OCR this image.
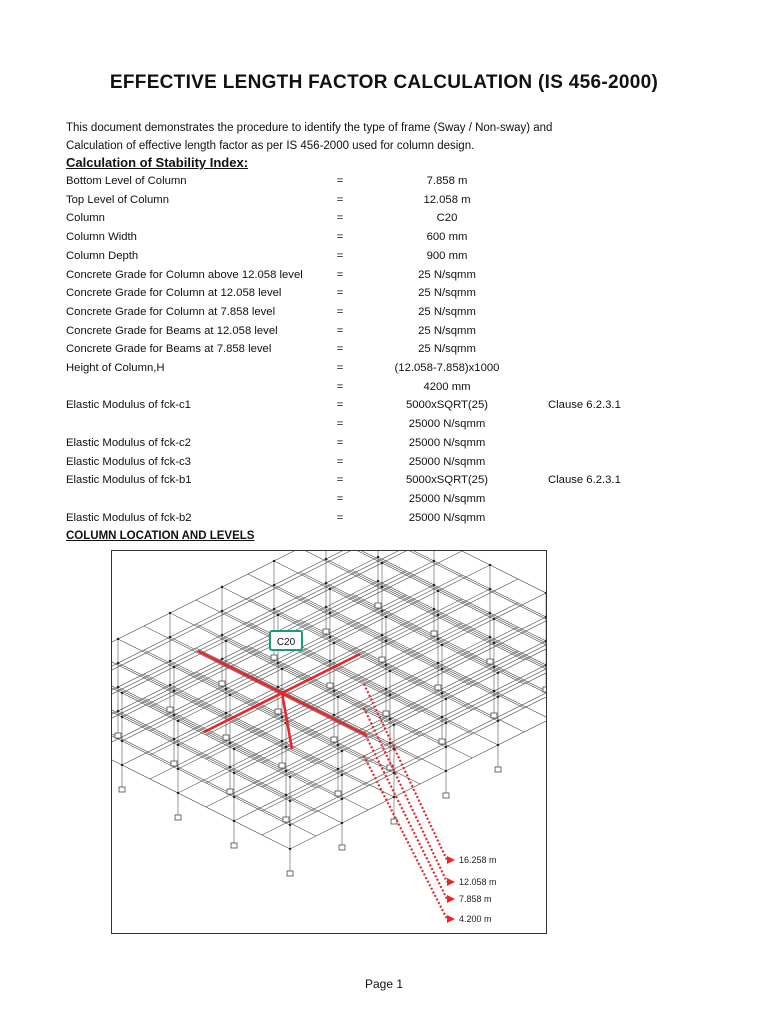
EFFECTIVE LENGTH FACTOR CALCULATION (IS 456-2000)
This document demonstrates the procedure to identify the type of frame (Sway / Non-sway) and
Calculation of effective length factor as per IS 456-2000 used for column design.
Calculation of Stability Index:
Bottom Level of Column	=	7.858 m
Top Level of Column	=	12.058 m
Column	=	C20
Column Width	=	600 mm
Column Depth	=	900 mm
Concrete Grade for Column above 12.058 level	=	25 N/sqmm
Concrete Grade for Column at 12.058 level	=	25 N/sqmm
Concrete Grade for Column at 7.858 level	=	25 N/sqmm
Concrete Grade for Beams at 12.058 level	=	25 N/sqmm
Concrete Grade for Beams at 7.858 level	=	25 N/sqmm
Height of Column,H	=	(12.058-7.858)x1000
=	4200 mm
Elastic Modulus of fck-c1	=	5000xSQRT(25)	Clause 6.2.3.1
=	25000 N/sqmm
Elastic Modulus of fck-c2	=	25000 N/sqmm
Elastic Modulus of fck-c3	=	25000 N/sqmm
Elastic Modulus of fck-b1	=	5000xSQRT(25)	Clause 6.2.3.1
=	25000 N/sqmm
Elastic Modulus of fck-b2	=	25000 N/sqmm
COLUMN LOCATION AND LEVELS
C20
16.258 m
12.058 m
7.858 m
4.200 m
Page 1
